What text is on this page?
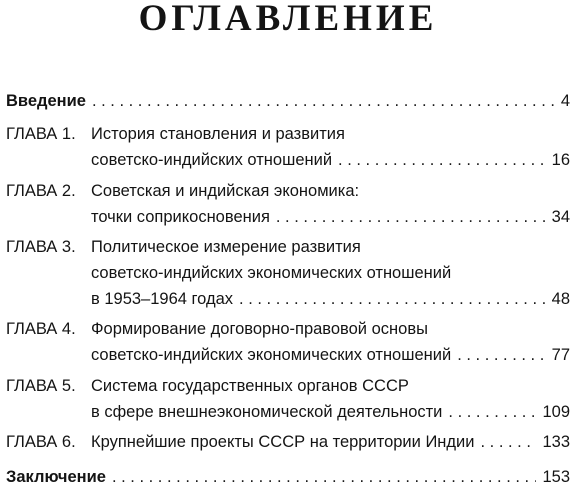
ОГЛАВЛЕНИЕ
Введение . . .	4
ГЛАВА 1. История становления и развития
советско-индийских отношений . . .	16
ГЛАВА 2. Советская и индийская экономика:
точки соприкосновения . . .	34
ГЛАВА 3. Политическое измерение развития
советско-индийских экономических отношений
в 1953–1964 годах . . .	48
ГЛАВА 4. Формирование договорно-правовой основы
советско-индийских экономических отношений . . .	77
ГЛАВА 5. Система государственных органов СССР
в сфере внешнеэкономической деятельности . . .	109
ГЛАВА 6. Крупнейшие проекты СССР на территории Индии . . .	133
Заключение . . .	153
